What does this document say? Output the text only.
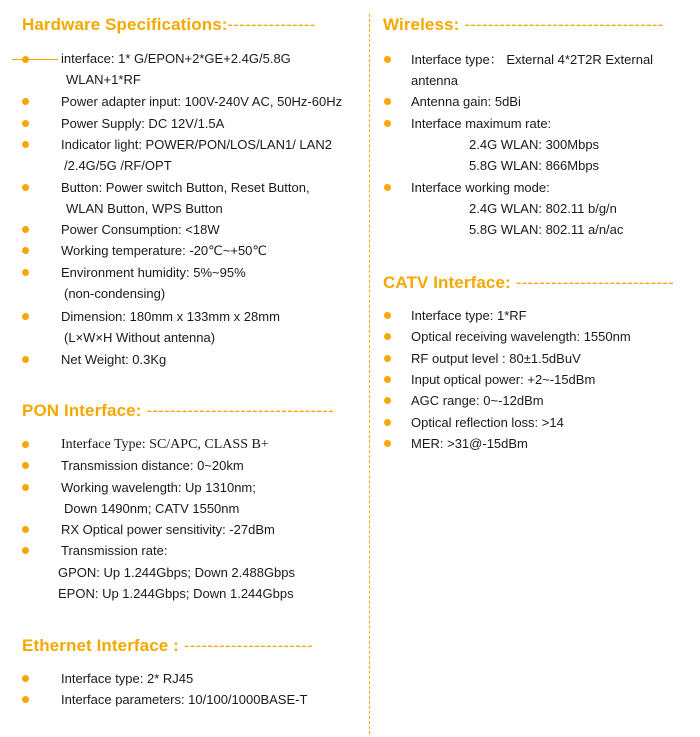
Hardware Specifications:---------------
interface: 1* G/EPON+2*GE+2.4G/5.8G
WLAN+1*RF
Power adapter input: 100V-240V AC, 50Hz-60Hz
Power Supply: DC 12V/1.5A
Indicator light: POWER/PON/LOS/LAN1/ LAN2
/2.4G/5G /RF/OPT
Button: Power switch Button, Reset Button,
WLAN Button, WPS Button
Power Consumption: <18W
Working temperature: -20℃~+50℃
Environment humidity: 5%~95%
(non-condensing)
Dimension: 180mm x 133mm x 28mm
(L×W×H Without antenna)
Net Weight: 0.3Kg
PON Interface: --------------------------------
Interface Type: SC/APC, CLASS B+
Transmission distance: 0~20km
Working wavelength: Up 1310nm;
Down 1490nm; CATV 1550nm
RX Optical power sensitivity: -27dBm
Transmission rate:
GPON: Up 1.244Gbps; Down 2.488Gbps
EPON: Up 1.244Gbps; Down 1.244Gbps
Ethernet Interface : ----------------------
Interface type: 2* RJ45
Interface parameters: 10/100/1000BASE-T
Wireless: ----------------------------------
Interface type： External 4*2T2R External
antenna
Antenna gain: 5dBi
Interface maximum rate:
2.4G WLAN: 300Mbps
5.8G WLAN: 866Mbps
Interface working mode:
2.4G WLAN: 802.11 b/g/n
5.8G WLAN: 802.11 a/n/ac
CATV Interface: ---------------------------
Interface type: 1*RF
Optical receiving wavelength: 1550nm
RF output level : 80±1.5dBuV
Input optical power: +2~-15dBm
AGC range: 0~-12dBm
Optical reflection loss: >14
MER: >31@-15dBm
